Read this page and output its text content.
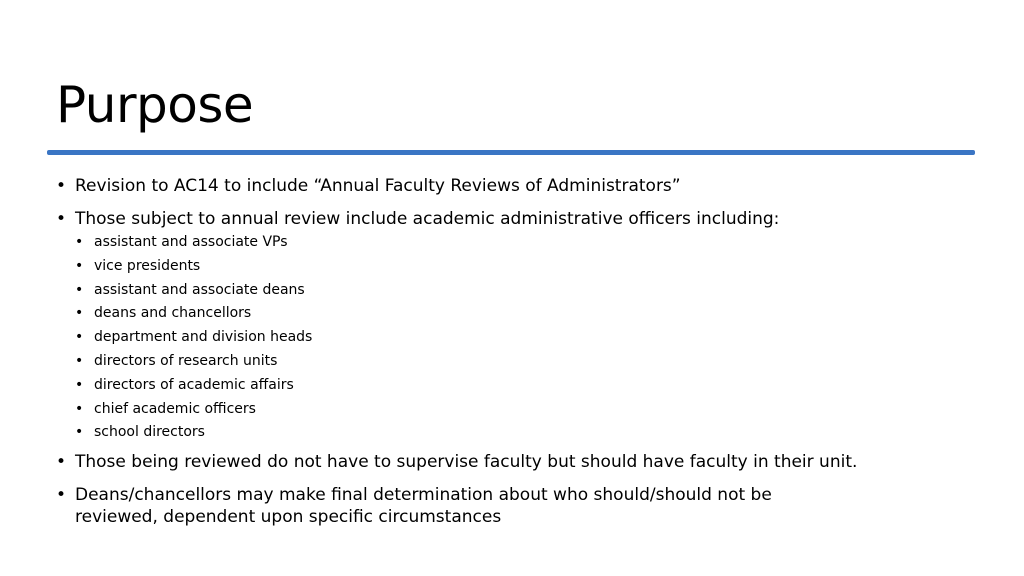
Purpose
• Revision to AC14 to include “Annual Faculty Reviews of Administrators”
• Those subject to annual review include academic administrative officers including:
• assistant and associate VPs
• vice presidents
• assistant and associate deans
• deans and chancellors
• department and division heads
• directors of research units
• directors of academic affairs
• chief academic officers
• school directors
• Those being reviewed do not have to supervise faculty but should have faculty in their unit.
• Deans/chancellors may make final determination about who should/should not be reviewed, dependent upon specific circumstances
